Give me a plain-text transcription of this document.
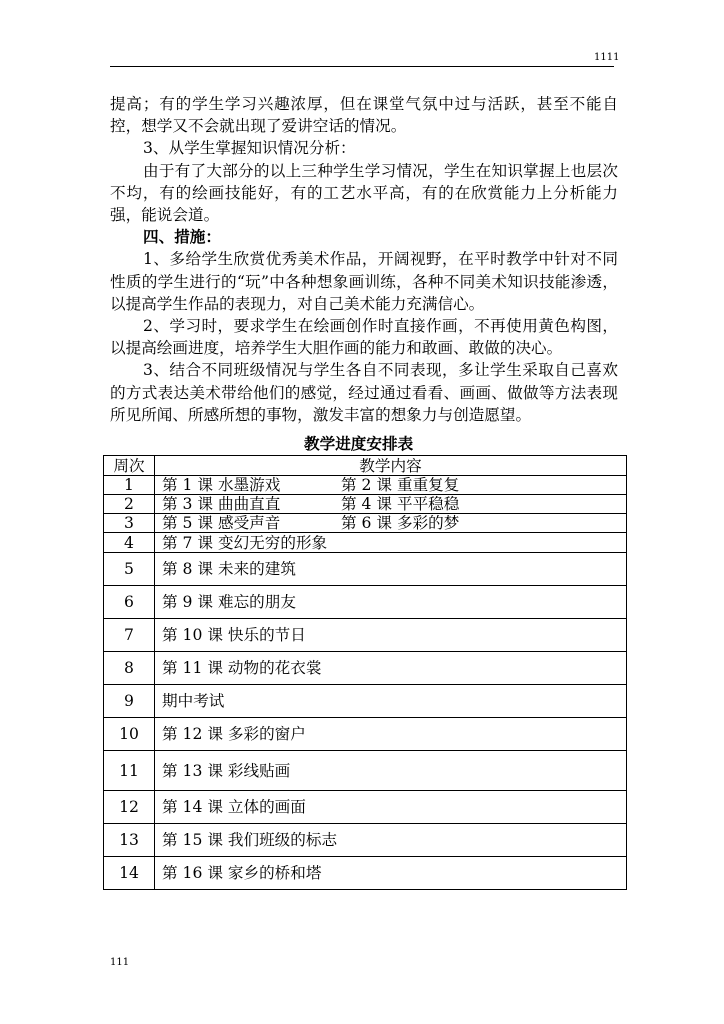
1111

提高；有的学生学习兴趣浓厚，但在课堂气氛中过与活跃，甚至不能自控，想学又不会就出现了爱讲空话的情况。

3、从学生掌握知识情况分析：

由于有了大部分的以上三种学生学习情况，学生在知识掌握上也层次不均，有的绘画技能好，有的工艺水平高，有的在欣赏能力上分析能力强，能说会道。

四、措施：

1、多给学生欣赏优秀美术作品，开阔视野，在平时教学中针对不同性质的学生进行的“玩”中各种想象画训练，各种不同美术知识技能渗透，以提高学生作品的表现力，对自己美术能力充满信心。

2、学习时，要求学生在绘画创作时直接作画，不再使用黄色构图，以提高绘画进度，培养学生大胆作画的能力和敢画、敢做的决心。

3、结合不同班级情况与学生各自不同表现，多让学生采取自己喜欢的方式表达美术带给他们的感觉，经过通过看看、画画、做做等方法表现所见所闻、所感所想的事物，激发丰富的想象力与创造愿望。

教学进度安排表
周次	教学内容
1	第 1 课 水墨游戏 第 2 课 重重复复

2	第 3 课 曲曲直直 第 4 课 平平稳稳

3	第 5 课 感受声音 第 6 课 多彩的梦

4	第 7 课 变幻无穷的形象
5	第 8 课 未来的建筑
6	第 9 课 难忘的朋友
7	第 10 课 快乐的节日
8	第 11 课 动物的花衣裳
9	期中考试
10	第 12 课 多彩的窗户
11	第 13 课 彩线贴画
12	第 14 课 立体的画面
13	第 15 课 我们班级的标志
14	第 16 课 家乡的桥和塔
111
